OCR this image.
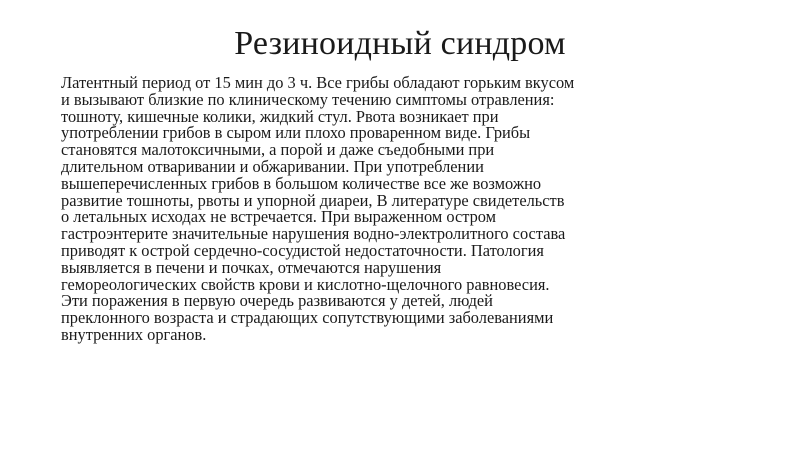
Резиноидный синдром
Латентный период от 15 мин до 3 ч. Все грибы обладают горьким вкусом
и вызывают близкие по клиническому течению симптомы отравления:
тошноту, кишечные колики, жидкий стул. Рвота возникает при
употреблении грибов в сыром или плохо проваренном виде. Грибы
становятся малотоксичными, а порой и даже съедобными при
длительном отваривании и обжаривании. При употреблении
вышеперечисленных грибов в большом количестве все же возможно
развитие тошноты, рвоты и упорной диареи, В литературе свидетельств
о летальных исходах не встречается. При выраженном остром
гастроэнтерите значительные нарушения водно-электролитного состава
приводят к острой сердечно-сосудистой недостаточности. Патология
выявляется в печени и почках, отмечаются нарушения
гемореологических свойств крови и кислотно-щелочного равновесия.
Эти поражения в первую очередь развиваются у детей, людей
преклонного возраста и страдающих сопутствующими заболеваниями
внутренних органов.
